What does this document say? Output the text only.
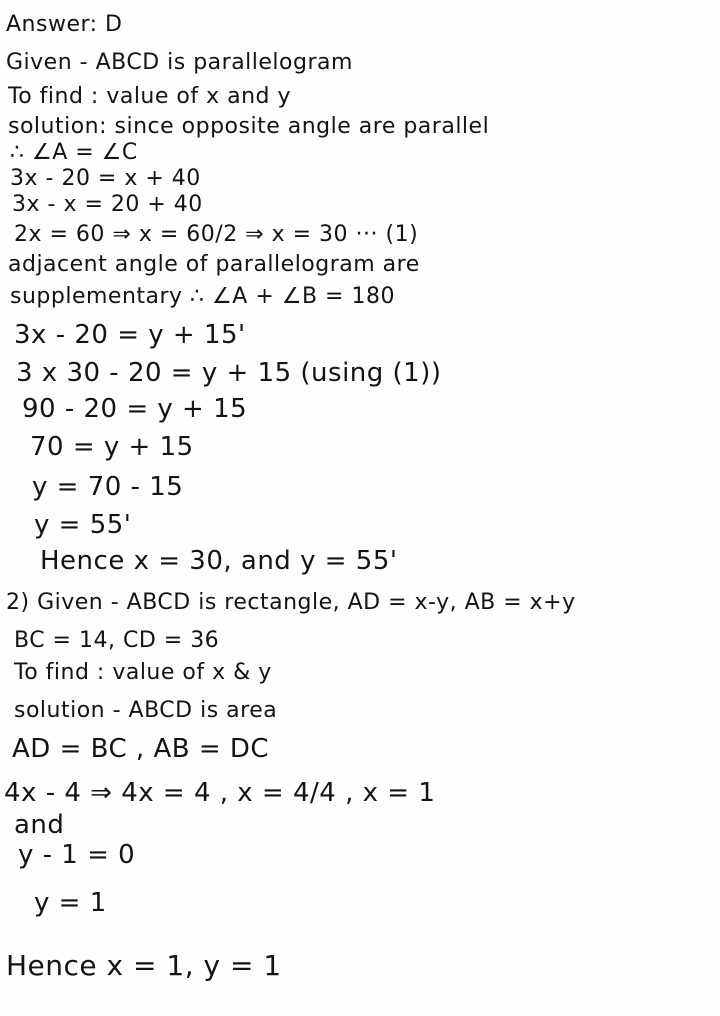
Answer: D
Given - ABCD is parallelogram
To find : value of x and y
solution: since opposite angle are parallel
∴ ∠A = ∠C
3x - 20 = x + 40
3x - x = 20 + 40
2x = 60 ⇒ x = 60/2 ⇒ x = 30 ··· (1)
adjacent angle of parallelogram are
supplementary ∴ ∠A + ∠B = 180
3x - 20 = y + 15'
3 x 30 - 20 = y + 15 (using (1))
90 - 20 = y + 15
70 = y + 15
y = 70 - 15
y = 55'
Hence x = 30, and y = 55'
2) Given - ABCD is rectangle, AD = x-y, AB = x+y
BC = 14, CD = 36
To find : value of x & y
solution - ABCD is area
AD = BC , AB = DC
4x - 4 ⇒ 4x = 4 , x = 4/4 , x = 1
and
y - 1 = 0
y = 1
Hence x = 1, y = 1
